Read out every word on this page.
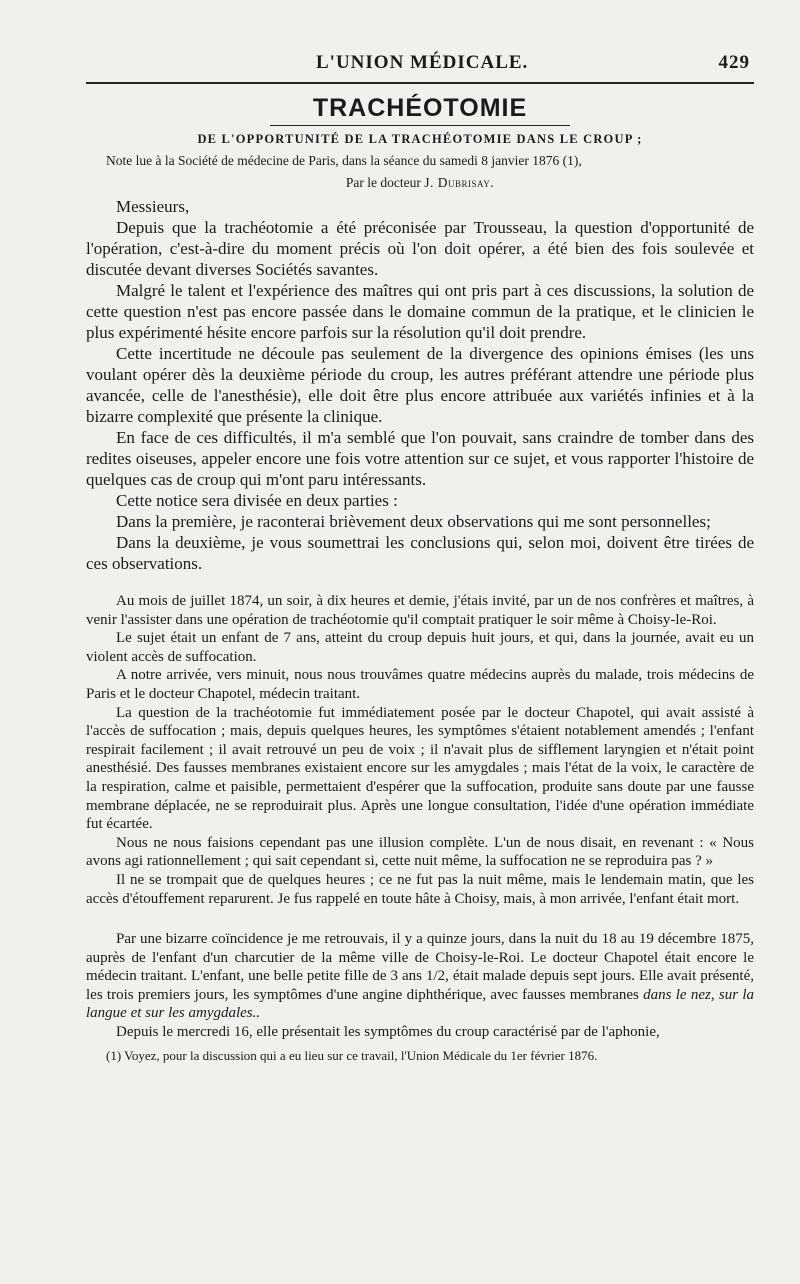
L'UNION MÉDICALE.	429
TRACHÉOTOMIE
DE L'OPPORTUNITÉ DE LA TRACHÉOTOMIE DANS LE CROUP ;
Note lue à la Société de médecine de Paris, dans la séance du samedi 8 janvier 1876 (1),
Par le docteur J. Dubrisay.
Messieurs,

Depuis que la trachéotomie a été préconisée par Trousseau, la question d'opportunité de l'opération, c'est-à-dire du moment précis où l'on doit opérer, a été bien des fois soulevée et discutée devant diverses Sociétés savantes.

Malgré le talent et l'expérience des maîtres qui ont pris part à ces discussions, la solution de cette question n'est pas encore passée dans le domaine commun de la pratique, et le clinicien le plus expérimenté hésite encore parfois sur la résolution qu'il doit prendre.

Cette incertitude ne découle pas seulement de la divergence des opinions émises (les uns voulant opérer dès la deuxième période du croup, les autres préférant attendre une période plus avancée, celle de l'anesthésie), elle doit être plus encore attribuée aux variétés infinies et à la bizarre complexité que présente la clinique.

En face de ces difficultés, il m'a semblé que l'on pouvait, sans craindre de tomber dans des redites oiseuses, appeler encore une fois votre attention sur ce sujet, et vous rapporter l'histoire de quelques cas de croup qui m'ont paru intéressants.

Cette notice sera divisée en deux parties :

Dans la première, je raconterai brièvement deux observations qui me sont personnelles;

Dans la deuxième, je vous soumettrai les conclusions qui, selon moi, doivent être tirées de ces observations.

Au mois de juillet 1874, un soir, à dix heures et demie, j'étais invité, par un de nos confrères et maîtres, à venir l'assister dans une opération de trachéotomie qu'il comptait pratiquer le soir même à Choisy-le-Roi.

Le sujet était un enfant de 7 ans, atteint du croup depuis huit jours, et qui, dans la journée, avait eu un violent accès de suffocation.

A notre arrivée, vers minuit, nous nous trouvâmes quatre médecins auprès du malade, trois médecins de Paris et le docteur Chapotel, médecin traitant.

La question de la trachéotomie fut immédiatement posée par le docteur Chapotel, qui avait assisté à l'accès de suffocation ; mais, depuis quelques heures, les symptômes s'étaient notablement amendés ; l'enfant respirait facilement ; il avait retrouvé un peu de voix ; il n'avait plus de sifflement laryngien et n'était point anesthésié. Des fausses membranes existaient encore sur les amygdales ; mais l'état de la voix, le caractère de la respiration, calme et paisible, permettaient d'espérer que la suffocation, produite sans doute par une fausse membrane déplacée, ne se reproduirait plus. Après une longue consultation, l'idée d'une opération immédiate fut écartée.

Nous ne nous faisions cependant pas une illusion complète. L'un de nous disait, en revenant : « Nous avons agi rationnellement ; qui sait cependant si, cette nuit même, la suffocation ne se reproduira pas ? »

Il ne se trompait que de quelques heures ; ce ne fut pas la nuit même, mais le lendemain matin, que les accès d'étouffement reparurent. Je fus rappelé en toute hâte à Choisy, mais, à mon arrivée, l'enfant était mort.

Par une bizarre coïncidence je me retrouvais, il y a quinze jours, dans la nuit du 18 au 19 décembre 1875, auprès de l'enfant d'un charcutier de la même ville de Choisy-le-Roi. Le docteur Chapotel était encore le médecin traitant. L'enfant, une belle petite fille de 3 ans 1/2, était malade depuis sept jours. Elle avait présenté, les trois premiers jours, les symptômes d'une angine diphthérique, avec fausses membranes dans le nez, sur la langue et sur les amygdales..

Depuis le mercredi 16, elle présentait les symptômes du croup caractérisé par de l'aphonie,

(1) Voyez, pour la discussion qui a eu lieu sur ce travail, l'Union Médicale du 1er février 1876.
